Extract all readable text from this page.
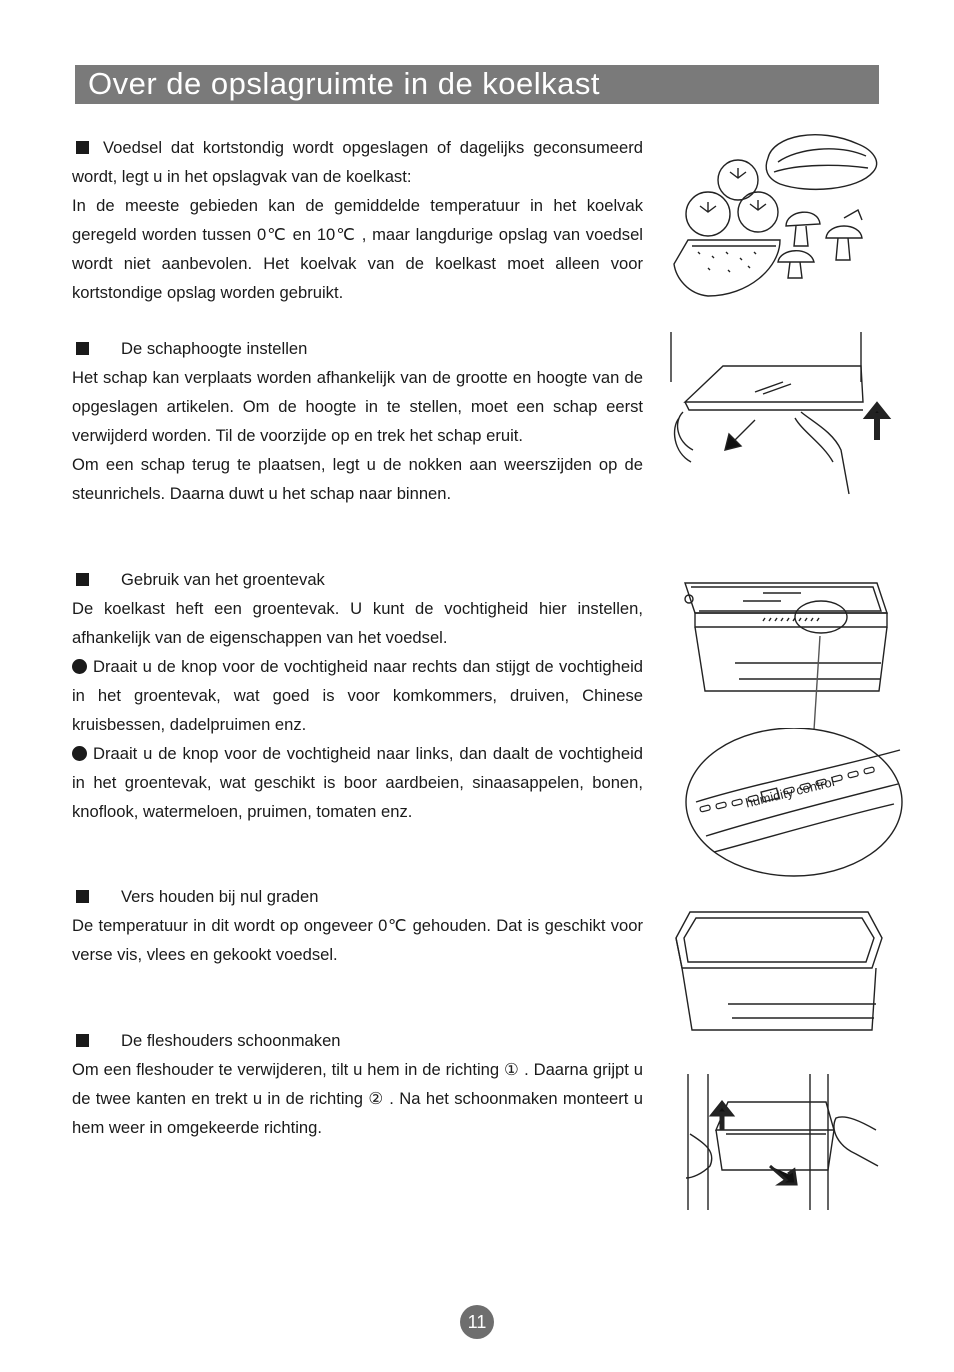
Over de opslagruimte in de koelkast

Voedsel dat kortstondig wordt opgeslagen of dagelijks geconsumeerd wordt, legt u in het opslagvak van de koelkast:

In de meeste gebieden kan de gemiddelde temperatuur in het koelvak geregeld worden tussen 0℃ en 10℃ , maar langdurige opslag van voedsel wordt niet aanbevolen. Het koelvak van de koelkast moet alleen voor kortstondige opslag worden gebruikt.

De schaphoogte instellen

Het schap kan verplaats worden afhankelijk van de grootte en hoogte van de opgeslagen artikelen. Om de hoogte in te stellen, moet een schap eerst verwijderd worden. Til de voorzijde op en trek het schap eruit.

Om een schap terug te plaatsen, legt u de nokken aan weerszijden op de steunrichels. Daarna duwt u het schap naar binnen.

Gebruik van het groentevak

De koelkast heft een groentevak. U kunt de vochtigheid hier instellen, afhankelijk van de eigenschappen van het voedsel.

Draait u de knop voor de vochtigheid naar rechts dan stijgt de vochtigheid in het groentevak, wat goed is voor komkommers, druiven, Chinese kruisbessen, dadelpruimen enz.

Draait u de knop voor de vochtigheid naar links, dan daalt de vochtigheid in het groentevak, wat geschikt is boor aardbeien, sinaasappelen, bonen, knoflook, watermeloen, pruimen, tomaten enz.

Vers houden bij nul graden

De temperatuur in dit wordt op ongeveer 0℃ gehouden. Dat is geschikt voor verse vis, vlees en gekookt voedsel.

De fleshouders schoonmaken

Om een fleshouder te verwijderen, tilt u hem in de richting ① . Daarna grijpt u de twee kanten en trekt u in de richting ② . Na het schoonmaken monteert u hem weer in omgekeerde richting.

humidity control
11
